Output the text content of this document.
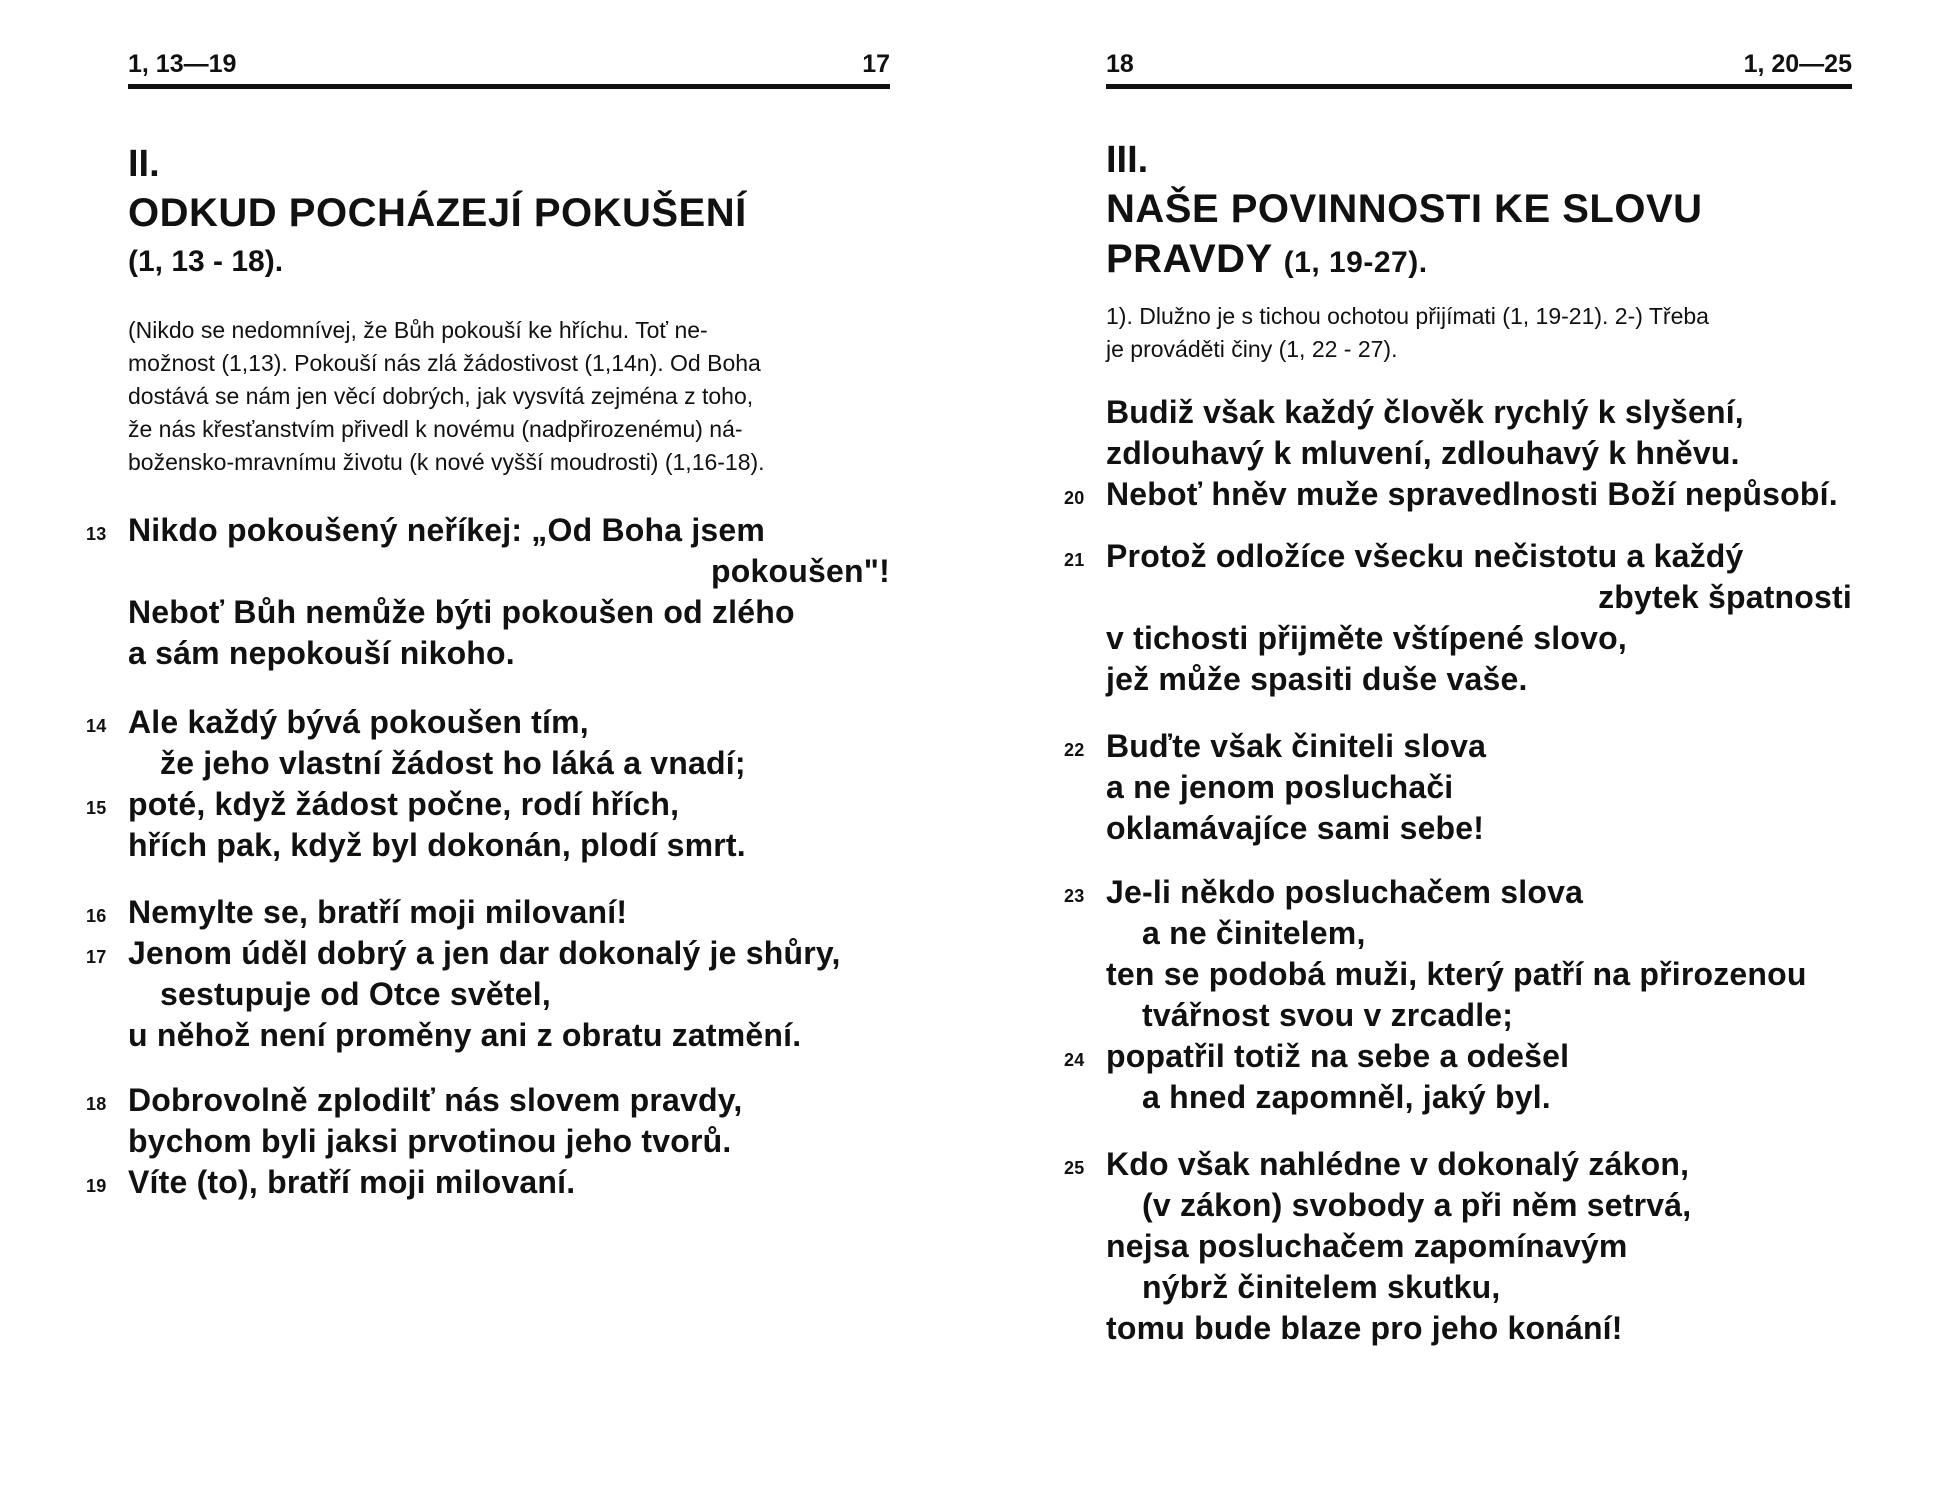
1, 13—19	17
II.
ODKUD POCHÁZEJÍ POKUŠENÍ
(1, 13 - 18).
(Nikdo se nedomnívej, že Bůh pokouší ke hříchu. Toť ne-
možnost (1,13). Pokouší nás zlá žádostivost (1,14n). Od Boha
dostává se nám jen věcí dobrých, jak vysvítá zejména z toho,
že nás křesťanstvím přivedl k novému (nadpřirozenému) ná-
božensko-mravnímu životu (k nové vyšší moudrosti) (1,16-18).
13 Nikdo pokoušený neříkej: „Od Boha jsem
pokoušen"!
Neboť Bůh nemůže býti pokoušen od zlého
a sám nepokouší nikoho.
14 Ale každý bývá pokoušen tím,
že jeho vlastní žádost ho láká a vnadí;
15 poté, když žádost počne, rodí hřích,
hřích pak, když byl dokonán, plodí smrt.
16 Nemylte se, bratří moji milovaní!
17 Jenom úděl dobrý a jen dar dokonalý je shůry,
sestupuje od Otce světel,
u něhož není proměny ani z obratu zatmění.
18 Dobrovolně zplodilť nás slovem pravdy,
bychom byli jaksi prvotinou jeho tvorů.
19 Víte (to), bratří moji milovaní.
18	1, 20—25
III.
NAŠE POVINNOSTI KE SLOVU
PRAVDY (1, 19-27).
1). Dlužno je s tichou ochotou přijímati (1, 19-21). 2-) Třeba
je prováděti činy (1, 22 - 27).
Budiž však každý člověk rychlý k slyšení,
zdlouhavý k mluvení, zdlouhavý k hněvu.
20 Neboť hněv muže spravedlnosti Boží nepůsobí.
21 Protož odložíce všecku nečistotu a každý
zbytek špatnosti
v tichosti přijměte vštípené slovo,
jež může spasiti duše vaše.
22 Buďte však činiteli slova
a ne jenom posluchači
oklamávajíce sami sebe!
23 Je-li někdo posluchačem slova
a ne činitelem,
ten se podobá muži, který patří na přirozenou
tvářnost svou v zrcadle;
24 popatřil totiž na sebe a odešel
a hned zapomněl, jaký byl.
25 Kdo však nahlédne v dokonalý zákon,
(v zákon) svobody a při něm setrvá,
nejsa posluchačem zapomínavým
nýbrž činitelem skutku,
tomu bude blaze pro jeho konání!
